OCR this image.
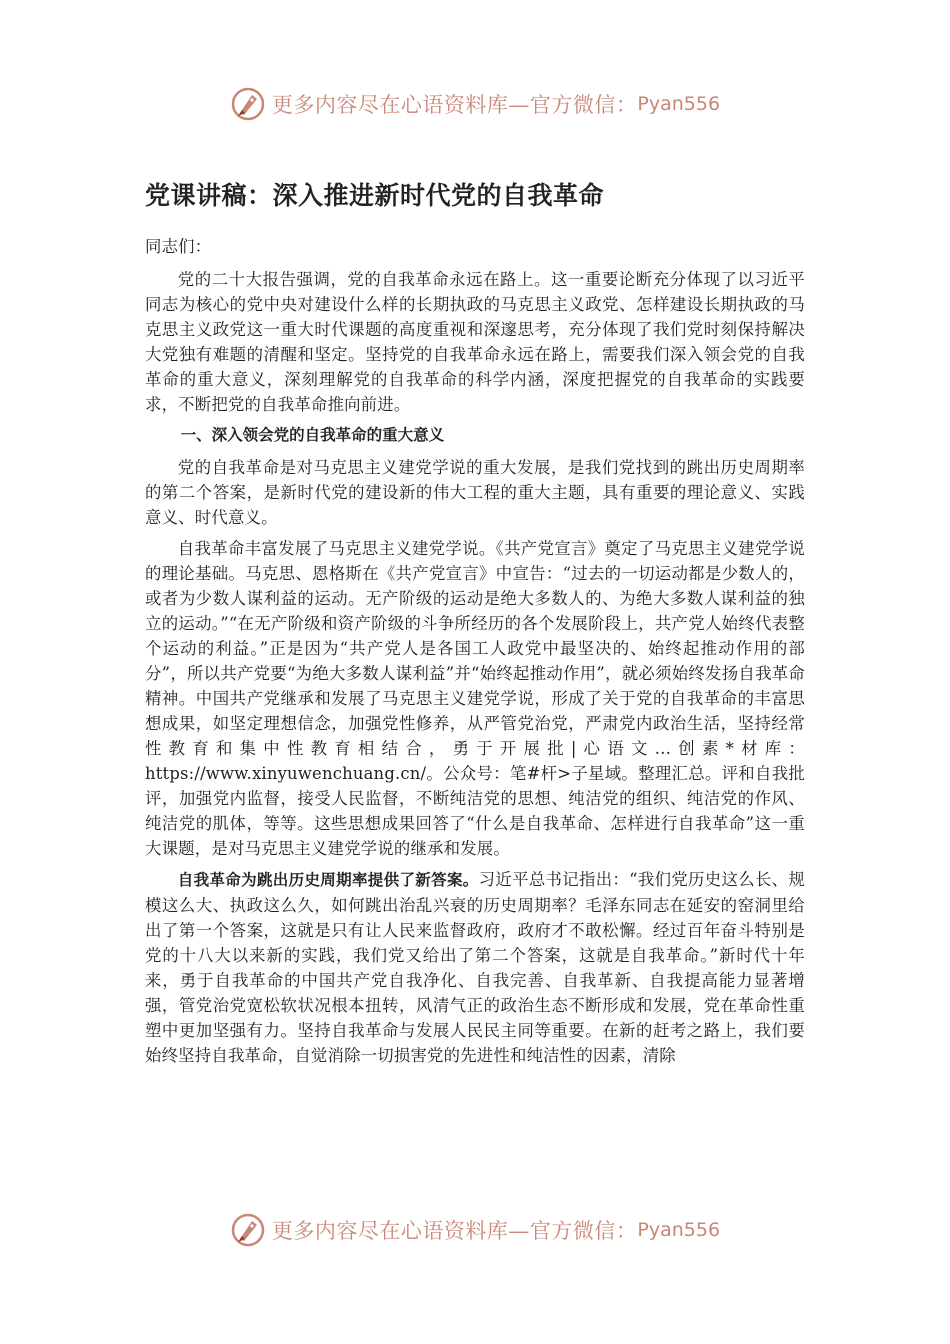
更多内容尽在心语资料库—官方微信： Pyan556
党课讲稿：深入推进新时代党的自我革命

同志们：

党的二十大报告强调，党的自我革命永远在路上。这一重要论断充分体现了以习近平同志为核心的党中央对建设什么样的长期执政的马克思主义政党、怎样建设长期执政的马克思主义政党这一重大时代课题的高度重视和深邃思考，充分体现了我们党时刻保持解决大党独有难题的清醒和坚定。坚持党的自我革命永远在路上，需要我们深入领会党的自我革命的重大意义，深刻理解党的自我革命的科学内涵，深度把握党的自我革命的实践要求，不断把党的自我革命推向前进。

一、深入领会党的自我革命的重大意义

党的自我革命是对马克思主义建党学说的重大发展，是我们党找到的跳出历史周期率的第二个答案，是新时代党的建设新的伟大工程的重大主题，具有重要的理论意义、实践意义、时代意义。

自我革命丰富发展了马克思主义建党学说。《共产党宣言》奠定了马克思主义建党学说的理论基础。马克思、恩格斯在《共产党宣言》中宣告：“过去的一切运动都是少数人的，或者为少数人谋利益的运动。无产阶级的运动是绝大多数人的、为绝大多数人谋利益的独立的运动。”“在无产阶级和资产阶级的斗争所经历的各个发展阶段上，共产党人始终代表整个运动的利益。”正是因为“共产党人是各国工人政党中最坚决的、始终起推动作用的部分”，所以共产党要“为绝大多数人谋利益”并“始终起推动作用”，就必须始终发扬自我革命精神。中国共产党继承和发展了马克思主义建党学说，形成了关于党的自我革命的丰富思想成果，如坚定理想信念，加强党性修养，从严管党治党，严肃党内政治生活，坚持经常性教育和集中性教育相结合，勇于开展批|心语文…创素*材库：https://www.xinyuwenchuang.cn/。公众号：笔#杆>子星域。整理汇总。评和自我批评，加强党内监督，接受人民监督，不断纯洁党的思想、纯洁党的组织、纯洁党的作风、纯洁党的肌体，等等。这些思想成果回答了“什么是自我革命、怎样进行自我革命”这一重大课题，是对马克思主义建党学说的继承和发展。

自我革命为跳出历史周期率提供了新答案。习近平总书记指出：“我们党历史这么长、规模这么大、执政这么久，如何跳出治乱兴衰的历史周期率？毛泽东同志在延安的窑洞里给出了第一个答案，这就是只有让人民来监督政府，政府才不敢松懈。经过百年奋斗特别是党的十八大以来新的实践，我们党又给出了第二个答案，这就是自我革命。”新时代十年来，勇于自我革命的中国共产党自我净化、自我完善、自我革新、自我提高能力显著增强，管党治党宽松软状况根本扭转，风清气正的政治生态不断形成和发展，党在革命性重塑中更加坚强有力。坚持自我革命与发展人民民主同等重要。在新的赶考之路上，我们要始终坚持自我革命，自觉消除一切损害党的先进性和纯洁性的因素，清除

更多内容尽在心语资料库—官方微信： Pyan556
